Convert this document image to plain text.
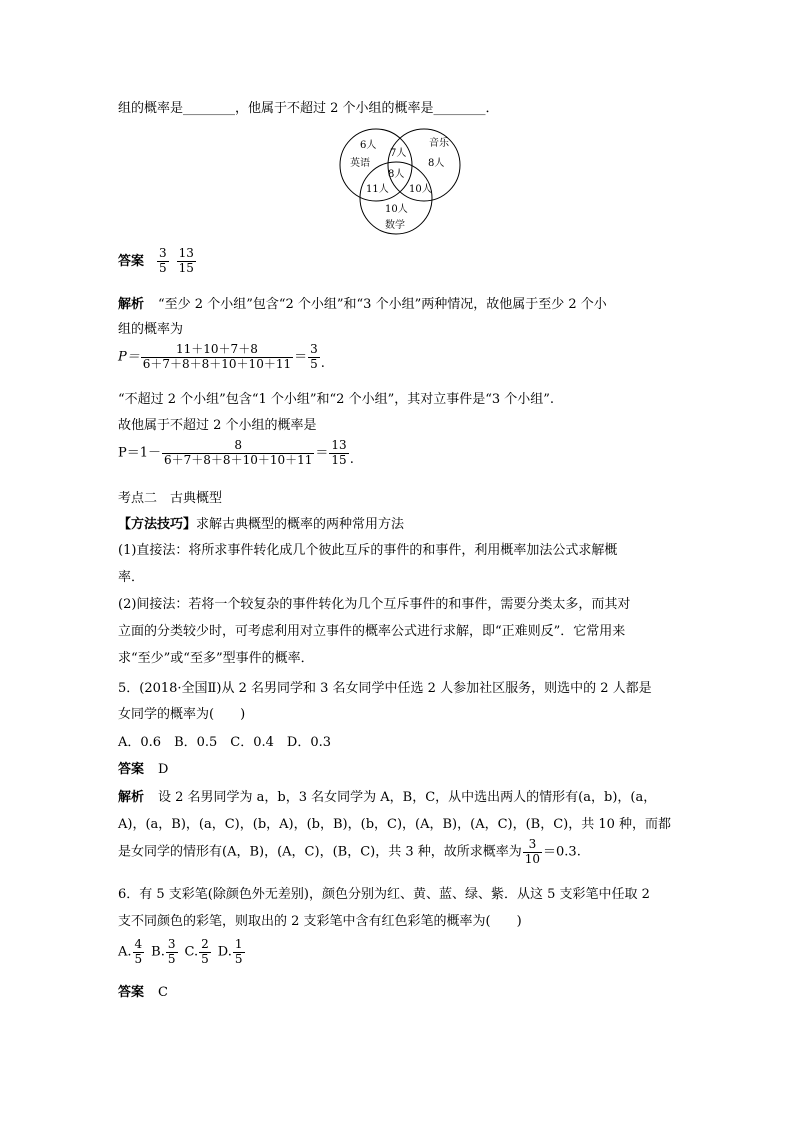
组的概率是________，他属于不超过 2 个小组的概率是________．
6人
英语
音乐
8人
7人
8人
11人 10人
10人
数学
答案 $\frac{3}{5} \frac{13}{15}$
解析 “至少 2 个小组”包含“2 个小组”和“3 个小组”两种情况，故他属于至少 2 个小
组的概率为
$P= \frac{11+10+7+8}{6+7+8+8+10+10+11} = \frac{3}{5}$ .
“不超过 2 个小组”包含“1 个小组”和“2 个小组”，其对立事件是“3 个小组”.
故他属于不超过 2 个小组的概率是
$P=1- \frac{8}{6+7+8+8+10+10+11} = \frac{13}{15}$ .
考点二　古典概型
【方法技巧】求解古典概型的概率的两种常用方法
(1)直接法：将所求事件转化成几个彼此互斥的事件的和事件，利用概率加法公式求解概
率．
(2)间接法：若将一个较复杂的事件转化为几个互斥事件的和事件，需要分类太多，而其对
立面的分类较少时，可考虑利用对立事件的概率公式进行求解，即“正难则反”．它常用来
求“至少”或“至多”型事件的概率．
5．(2018·全国Ⅱ)从 2 名男同学和 3 名女同学中任选 2 人参加社区服务，则选中的 2 人都是
女同学的概率为(　　)
A．0.6　B．0.5　C．0.4　D．0.3
答案 D
解析 设 2 名男同学为 a，b，3 名女同学为 A，B，C，从中选出两人的情形有(a，b)，(a，
A)，(a，B)，(a，C)，(b，A)，(b，B)，(b，C)，(A，B)，(A，C)，(B，C)，共 10 种，而都
是女同学的情形有(A，B)，(A，C)，(B，C)，共 3 种，故所求概率为 $\frac{3}{10} =0.3$.
6．有 5 支彩笔(除颜色外无差别)，颜色分别为红、黄、蓝、绿、紫．从这 5 支彩笔中任取 2
支不同颜色的彩笔，则取出的 2 支彩笔中含有红色彩笔的概率为(　　)
A. $\frac{4}{5} B$. $\frac{3}{5} C$. $\frac{2}{5} D$. $\frac{1}{5}$
答案 C
